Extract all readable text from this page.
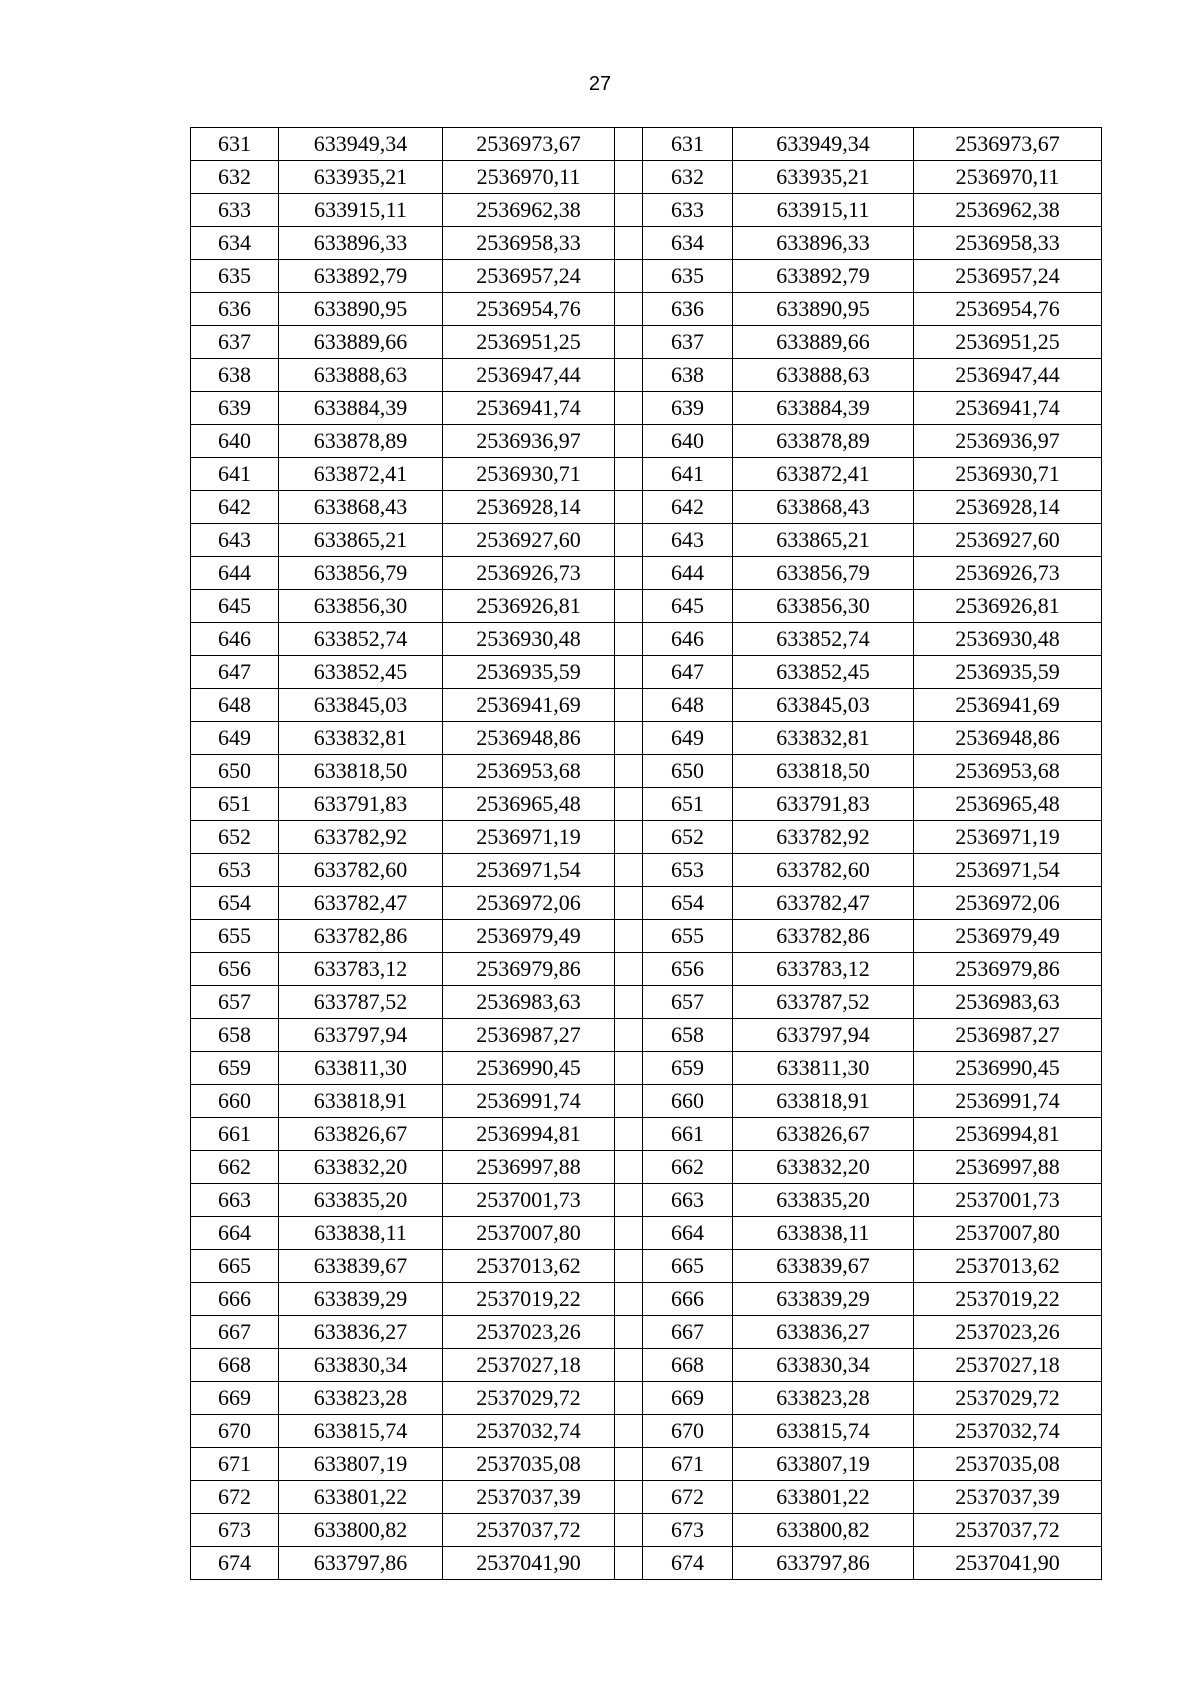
27
631	633949,34	2536973,67		631	633949,34	2536973,67
632	633935,21	2536970,11		632	633935,21	2536970,11
633	633915,11	2536962,38		633	633915,11	2536962,38
634	633896,33	2536958,33		634	633896,33	2536958,33
635	633892,79	2536957,24		635	633892,79	2536957,24
636	633890,95	2536954,76		636	633890,95	2536954,76
637	633889,66	2536951,25		637	633889,66	2536951,25
638	633888,63	2536947,44		638	633888,63	2536947,44
639	633884,39	2536941,74		639	633884,39	2536941,74
640	633878,89	2536936,97		640	633878,89	2536936,97
641	633872,41	2536930,71		641	633872,41	2536930,71
642	633868,43	2536928,14		642	633868,43	2536928,14
643	633865,21	2536927,60		643	633865,21	2536927,60
644	633856,79	2536926,73		644	633856,79	2536926,73
645	633856,30	2536926,81		645	633856,30	2536926,81
646	633852,74	2536930,48		646	633852,74	2536930,48
647	633852,45	2536935,59		647	633852,45	2536935,59
648	633845,03	2536941,69		648	633845,03	2536941,69
649	633832,81	2536948,86		649	633832,81	2536948,86
650	633818,50	2536953,68		650	633818,50	2536953,68
651	633791,83	2536965,48		651	633791,83	2536965,48
652	633782,92	2536971,19		652	633782,92	2536971,19
653	633782,60	2536971,54		653	633782,60	2536971,54
654	633782,47	2536972,06		654	633782,47	2536972,06
655	633782,86	2536979,49		655	633782,86	2536979,49
656	633783,12	2536979,86		656	633783,12	2536979,86
657	633787,52	2536983,63		657	633787,52	2536983,63
658	633797,94	2536987,27		658	633797,94	2536987,27
659	633811,30	2536990,45		659	633811,30	2536990,45
660	633818,91	2536991,74		660	633818,91	2536991,74
661	633826,67	2536994,81		661	633826,67	2536994,81
662	633832,20	2536997,88		662	633832,20	2536997,88
663	633835,20	2537001,73		663	633835,20	2537001,73
664	633838,11	2537007,80		664	633838,11	2537007,80
665	633839,67	2537013,62		665	633839,67	2537013,62
666	633839,29	2537019,22		666	633839,29	2537019,22
667	633836,27	2537023,26		667	633836,27	2537023,26
668	633830,34	2537027,18		668	633830,34	2537027,18
669	633823,28	2537029,72		669	633823,28	2537029,72
670	633815,74	2537032,74		670	633815,74	2537032,74
671	633807,19	2537035,08		671	633807,19	2537035,08
672	633801,22	2537037,39		672	633801,22	2537037,39
673	633800,82	2537037,72		673	633800,82	2537037,72
674	633797,86	2537041,90		674	633797,86	2537041,90
